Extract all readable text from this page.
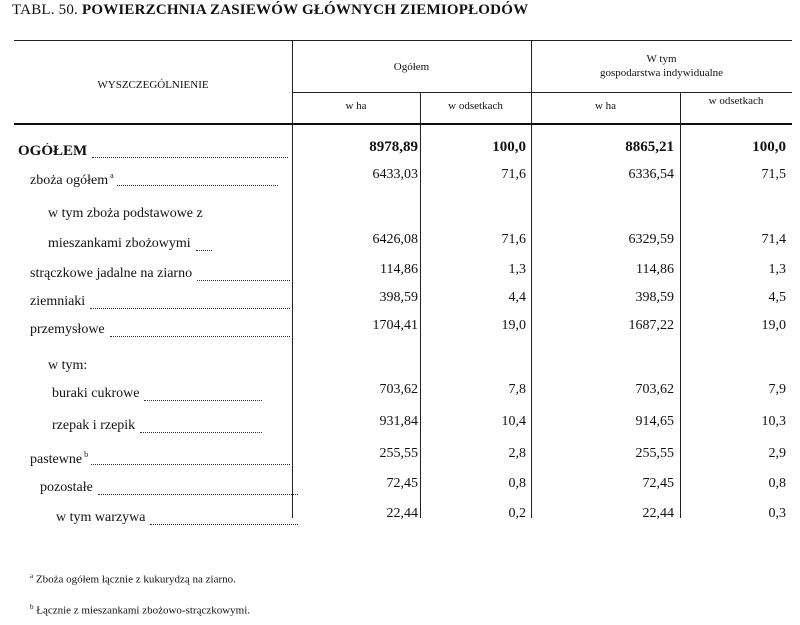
TABL. 50. POWIERZCHNIA ZASIEWÓW GŁÓWNYCH ZIEMIOPŁODÓW
WYSZCZEGÓLNIENIE
Ogółem
W tym
gospodarstwa indywidualne
w ha	w odsetkach	w ha	w odsetkach
OGÓŁEM	8978,89	100,0	8865,21	100,0
zboża ogółem $^a$	6433,03	71,6	6336,54	71,5
w tym zboża podstawowe z
mieszankami zbożowymi	6426,08	71,6	6329,59	71,4
strączkowe jadalne na ziarno	114,86	1,3	114,86	1,3
ziemniaki	398,59	4,4	398,59	4,5
przemysłowe	1704,41	19,0	1687,22	19,0
w tym:
buraki cukrowe	703,62	7,8	703,62	7,9
rzepak i rzepik	931,84	10,4	914,65	10,3
pastewne $^b$	255,55	2,8	255,55	2,9
pozostałe	72,45	0,8	72,45	0,8
w tym warzywa	22,44	0,2	22,44	0,3
$^a$ Zboża ogółem łącznie z kukurydzą na ziarno.
$^b$ Łącznie z mieszankami zbożowo-strączkowymi.
